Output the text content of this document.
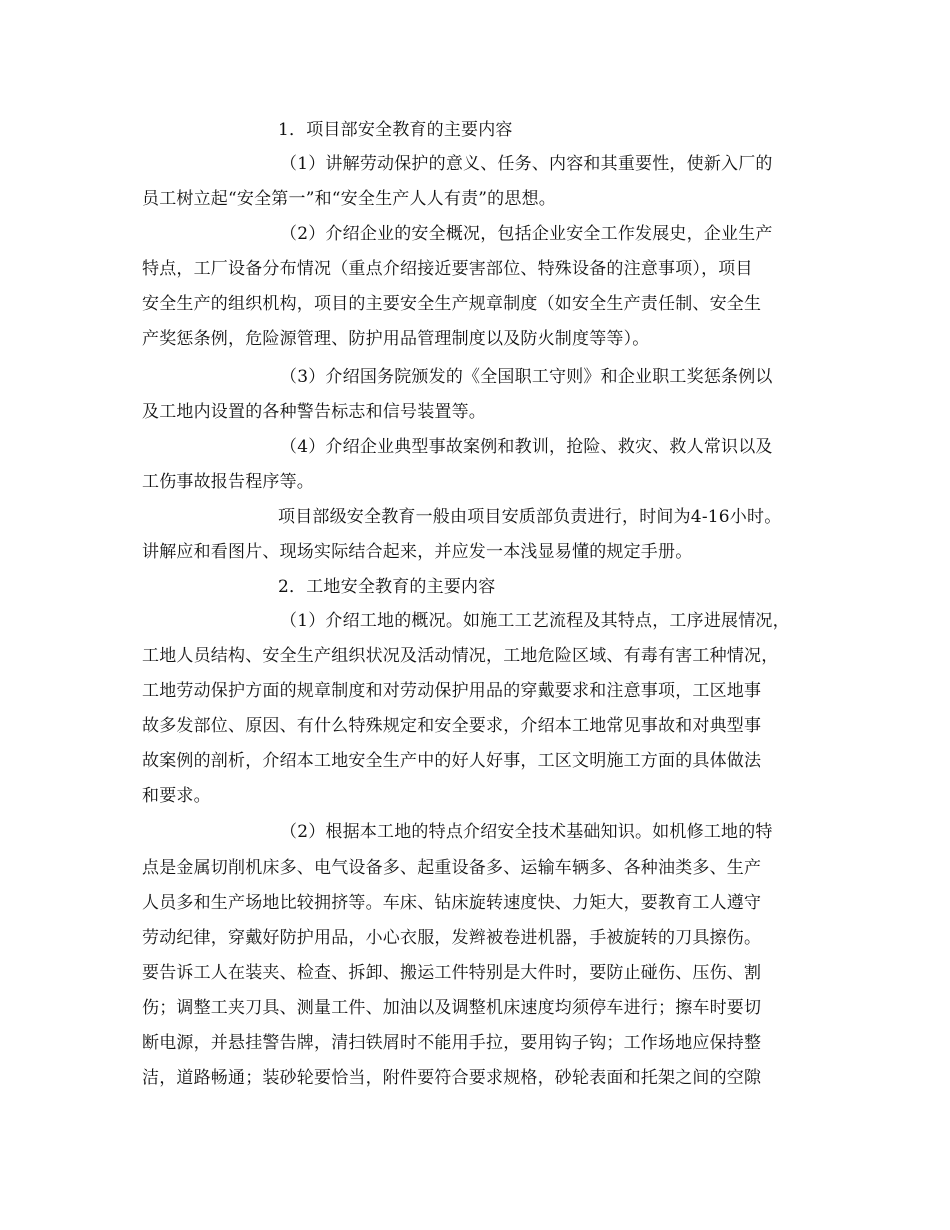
1．项目部安全教育的主要内容
（1）讲解劳动保护的意义、任务、内容和其重要性，使新入厂的
员工树立起“安全第一”和“安全生产人人有责”的思想。
（2）介绍企业的安全概况，包括企业安全工作发展史，企业生产
特点，工厂设备分布情况（重点介绍接近要害部位、特殊设备的注意事项），项目
安全生产的组织机构，项目的主要安全生产规章制度（如安全生产责任制、安全生
产奖惩条例，危险源管理、防护用品管理制度以及防火制度等等）。
（3）介绍国务院颁发的《全国职工守则》和企业职工奖惩条例以
及工地内设置的各种警告标志和信号装置等。
（4）介绍企业典型事故案例和教训，抢险、救灾、救人常识以及
工伤事故报告程序等。
项目部级安全教育一般由项目安质部负责进行，时间为4-16小时。
讲解应和看图片、现场实际结合起来，并应发一本浅显易懂的规定手册。
2．工地安全教育的主要内容
（1）介绍工地的概况。如施工工艺流程及其特点，工序进展情况，
工地人员结构、安全生产组织状况及活动情况，工地危险区域、有毒有害工种情况，
工地劳动保护方面的规章制度和对劳动保护用品的穿戴要求和注意事项，工区地事
故多发部位、原因、有什么特殊规定和安全要求，介绍本工地常见事故和对典型事
故案例的剖析，介绍本工地安全生产中的好人好事，工区文明施工方面的具体做法
和要求。
（2）根据本工地的特点介绍安全技术基础知识。如机修工地的特
点是金属切削机床多、电气设备多、起重设备多、运输车辆多、各种油类多、生产
人员多和生产场地比较拥挤等。车床、钻床旋转速度快、力矩大，要教育工人遵守
劳动纪律，穿戴好防护用品，小心衣服，发辫被卷进机器，手被旋转的刀具擦伤。
要告诉工人在装夹、检查、拆卸、搬运工件特别是大件时，要防止碰伤、压伤、割
伤；调整工夹刀具、测量工件、加油以及调整机床速度均须停车进行；擦车时要切
断电源，并悬挂警告牌，清扫铁屑时不能用手拉，要用钩子钩；工作场地应保持整
洁，道路畅通；装砂轮要恰当，附件要符合要求规格，砂轮表面和托架之间的空隙
